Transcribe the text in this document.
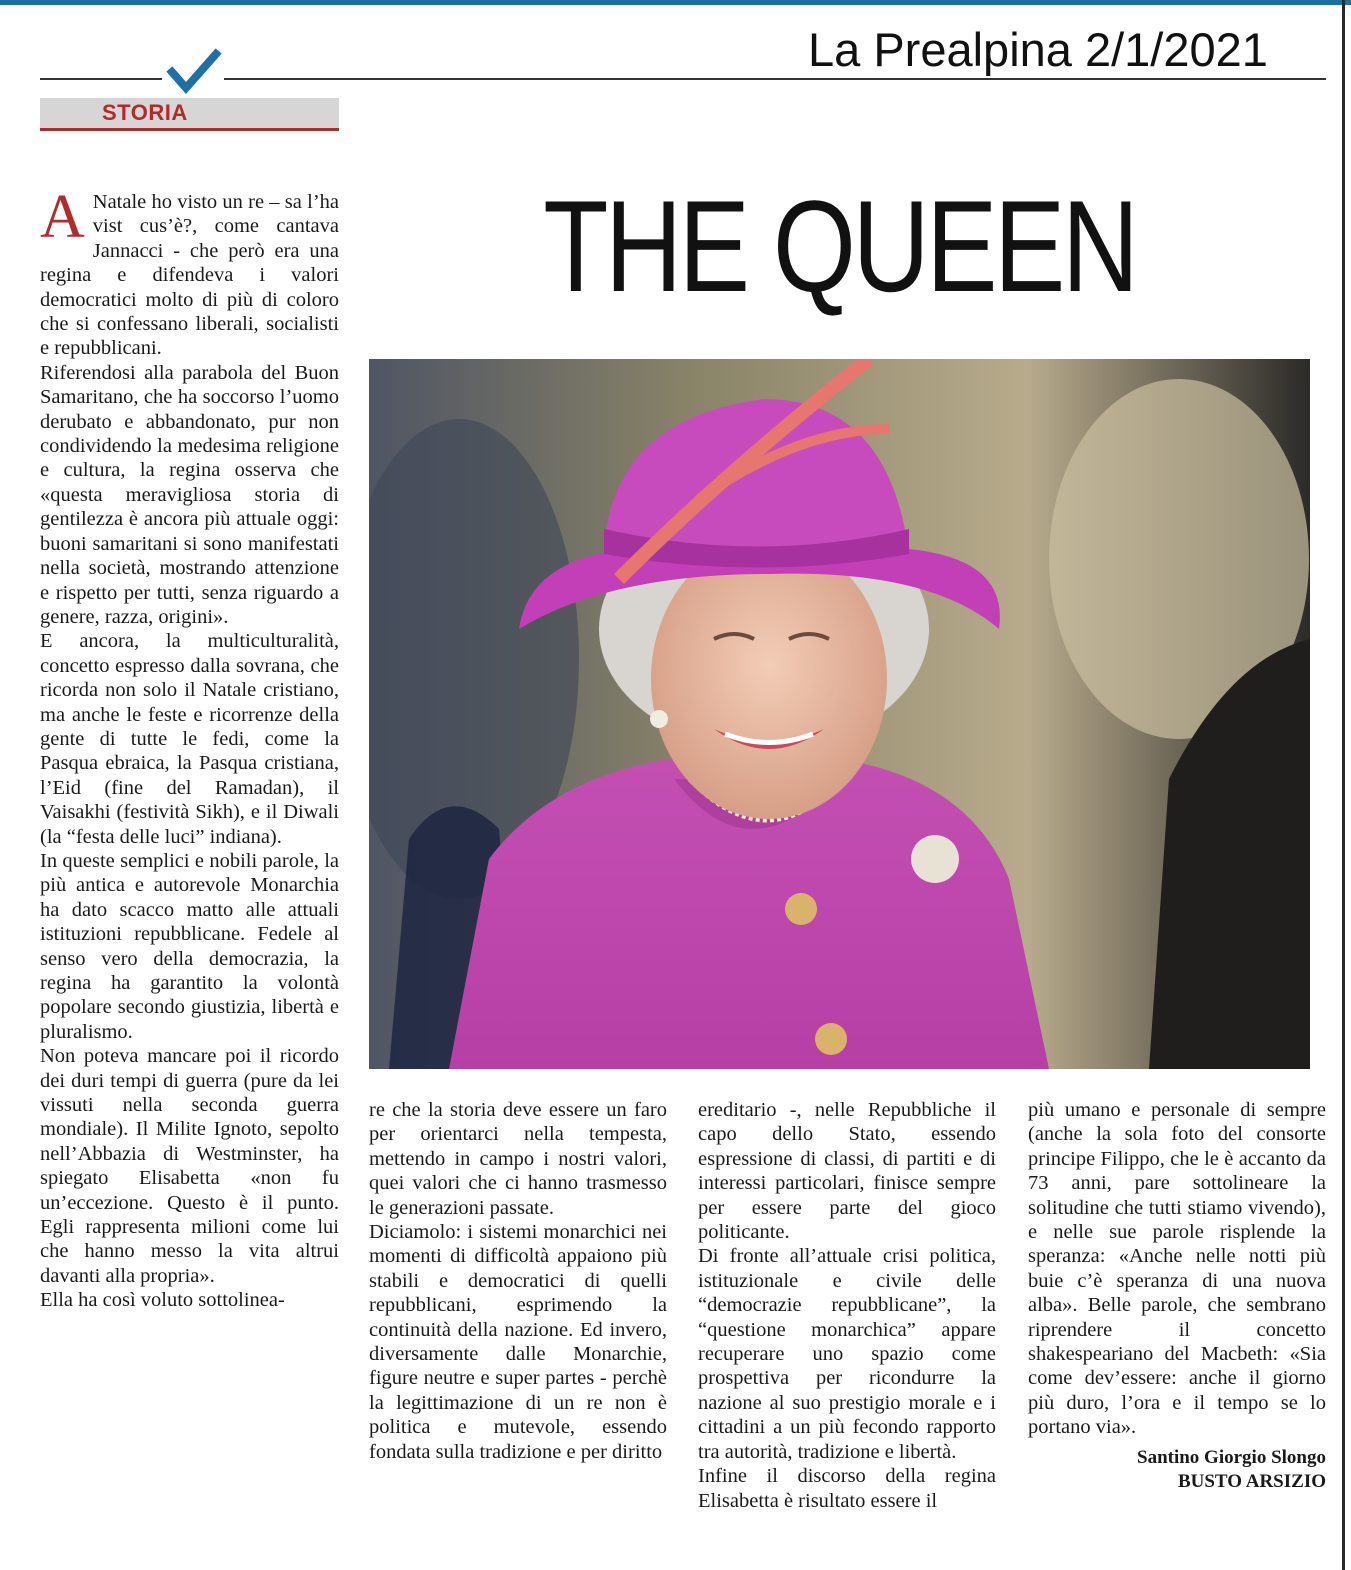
La Prealpina 2/1/2021
STORIA
THE QUEEN

A Natale ho visto un re – sa l’ha vist cus’è?, come cantava Jannacci - che però era una regina e difendeva i valori democratici molto di più di coloro che si confessano liberali, socialisti e repubblicani.

Riferendosi alla parabola del Buon Samaritano, che ha soccorso l’uomo derubato e abbandonato, pur non condividendo la medesima religione e cultura, la regina osserva che «questa meravigliosa storia di gentilezza è ancora più attuale oggi: buoni samaritani si sono manifestati nella società, mostrando attenzione e rispetto per tutti, senza riguardo a genere, razza, origini».

E ancora, la multiculturalità, concetto espresso dalla sovrana, che ricorda non solo il Natale cristiano, ma anche le feste e ricorrenze della gente di tutte le fedi, come la Pasqua ebraica, la Pasqua cristiana, l’Eid (fine del Ramadan), il Vaisakhi (festività Sikh), e il Diwali (la “festa delle luci” indiana).

In queste semplici e nobili parole, la più antica e autorevole Monarchia ha dato scacco matto alle attuali istituzioni repubblicane. Fedele al senso vero della democrazia, la regina ha garantito la volontà popolare secondo giustizia, libertà e pluralismo.

Non poteva mancare poi il ricordo dei duri tempi di guerra (pure da lei vissuti nella seconda guerra mondiale). Il Milite Ignoto, sepolto nell’Abbazia di Westminster, ha spiegato Elisabetta «non fu un’eccezione. Questo è il punto. Egli rappresenta milioni come lui che hanno messo la vita altrui davanti alla propria».

Ella ha così voluto sottolinea-

re che la storia deve essere un faro per orientarci nella tempesta, mettendo in campo i nostri valori, quei valori che ci hanno trasmesso le generazioni passate.

Diciamolo: i sistemi monarchici nei momenti di difficoltà appaiono più stabili e democratici di quelli repubblicani, esprimendo la continuità della nazione. Ed invero, diversamente dalle Monarchie, figure neutre e super partes - perchè la legittimazione di un re non è politica e mutevole, essendo fondata sulla tradizione e per diritto

ereditario -, nelle Repubbliche il capo dello Stato, essendo espressione di classi, di partiti e di interessi particolari, finisce sempre per essere parte del gioco politicante.

Di fronte all’attuale crisi politica, istituzionale e civile delle “democrazie repubblicane”, la “questione monarchica” appare recuperare uno spazio come prospettiva per ricondurre la nazione al suo prestigio morale e i cittadini a un più fecondo rapporto tra autorità, tradizione e libertà.

Infine il discorso della regina Elisabetta è risultato essere il

più umano e personale di sempre (anche la sola foto del consorte principe Filippo, che le è accanto da 73 anni, pare sottolineare la solitudine che tutti stiamo vivendo), e nelle sue parole risplende la speranza: «Anche nelle notti più buie c’è speranza di una nuova alba». Belle parole, che sembrano riprendere il concetto shakespeariano del Macbeth: «Sia come dev’essere: anche il giorno più duro, l’ora e il tempo se lo portano via».

Santino Giorgio Slongo
BUSTO ARSIZIO
